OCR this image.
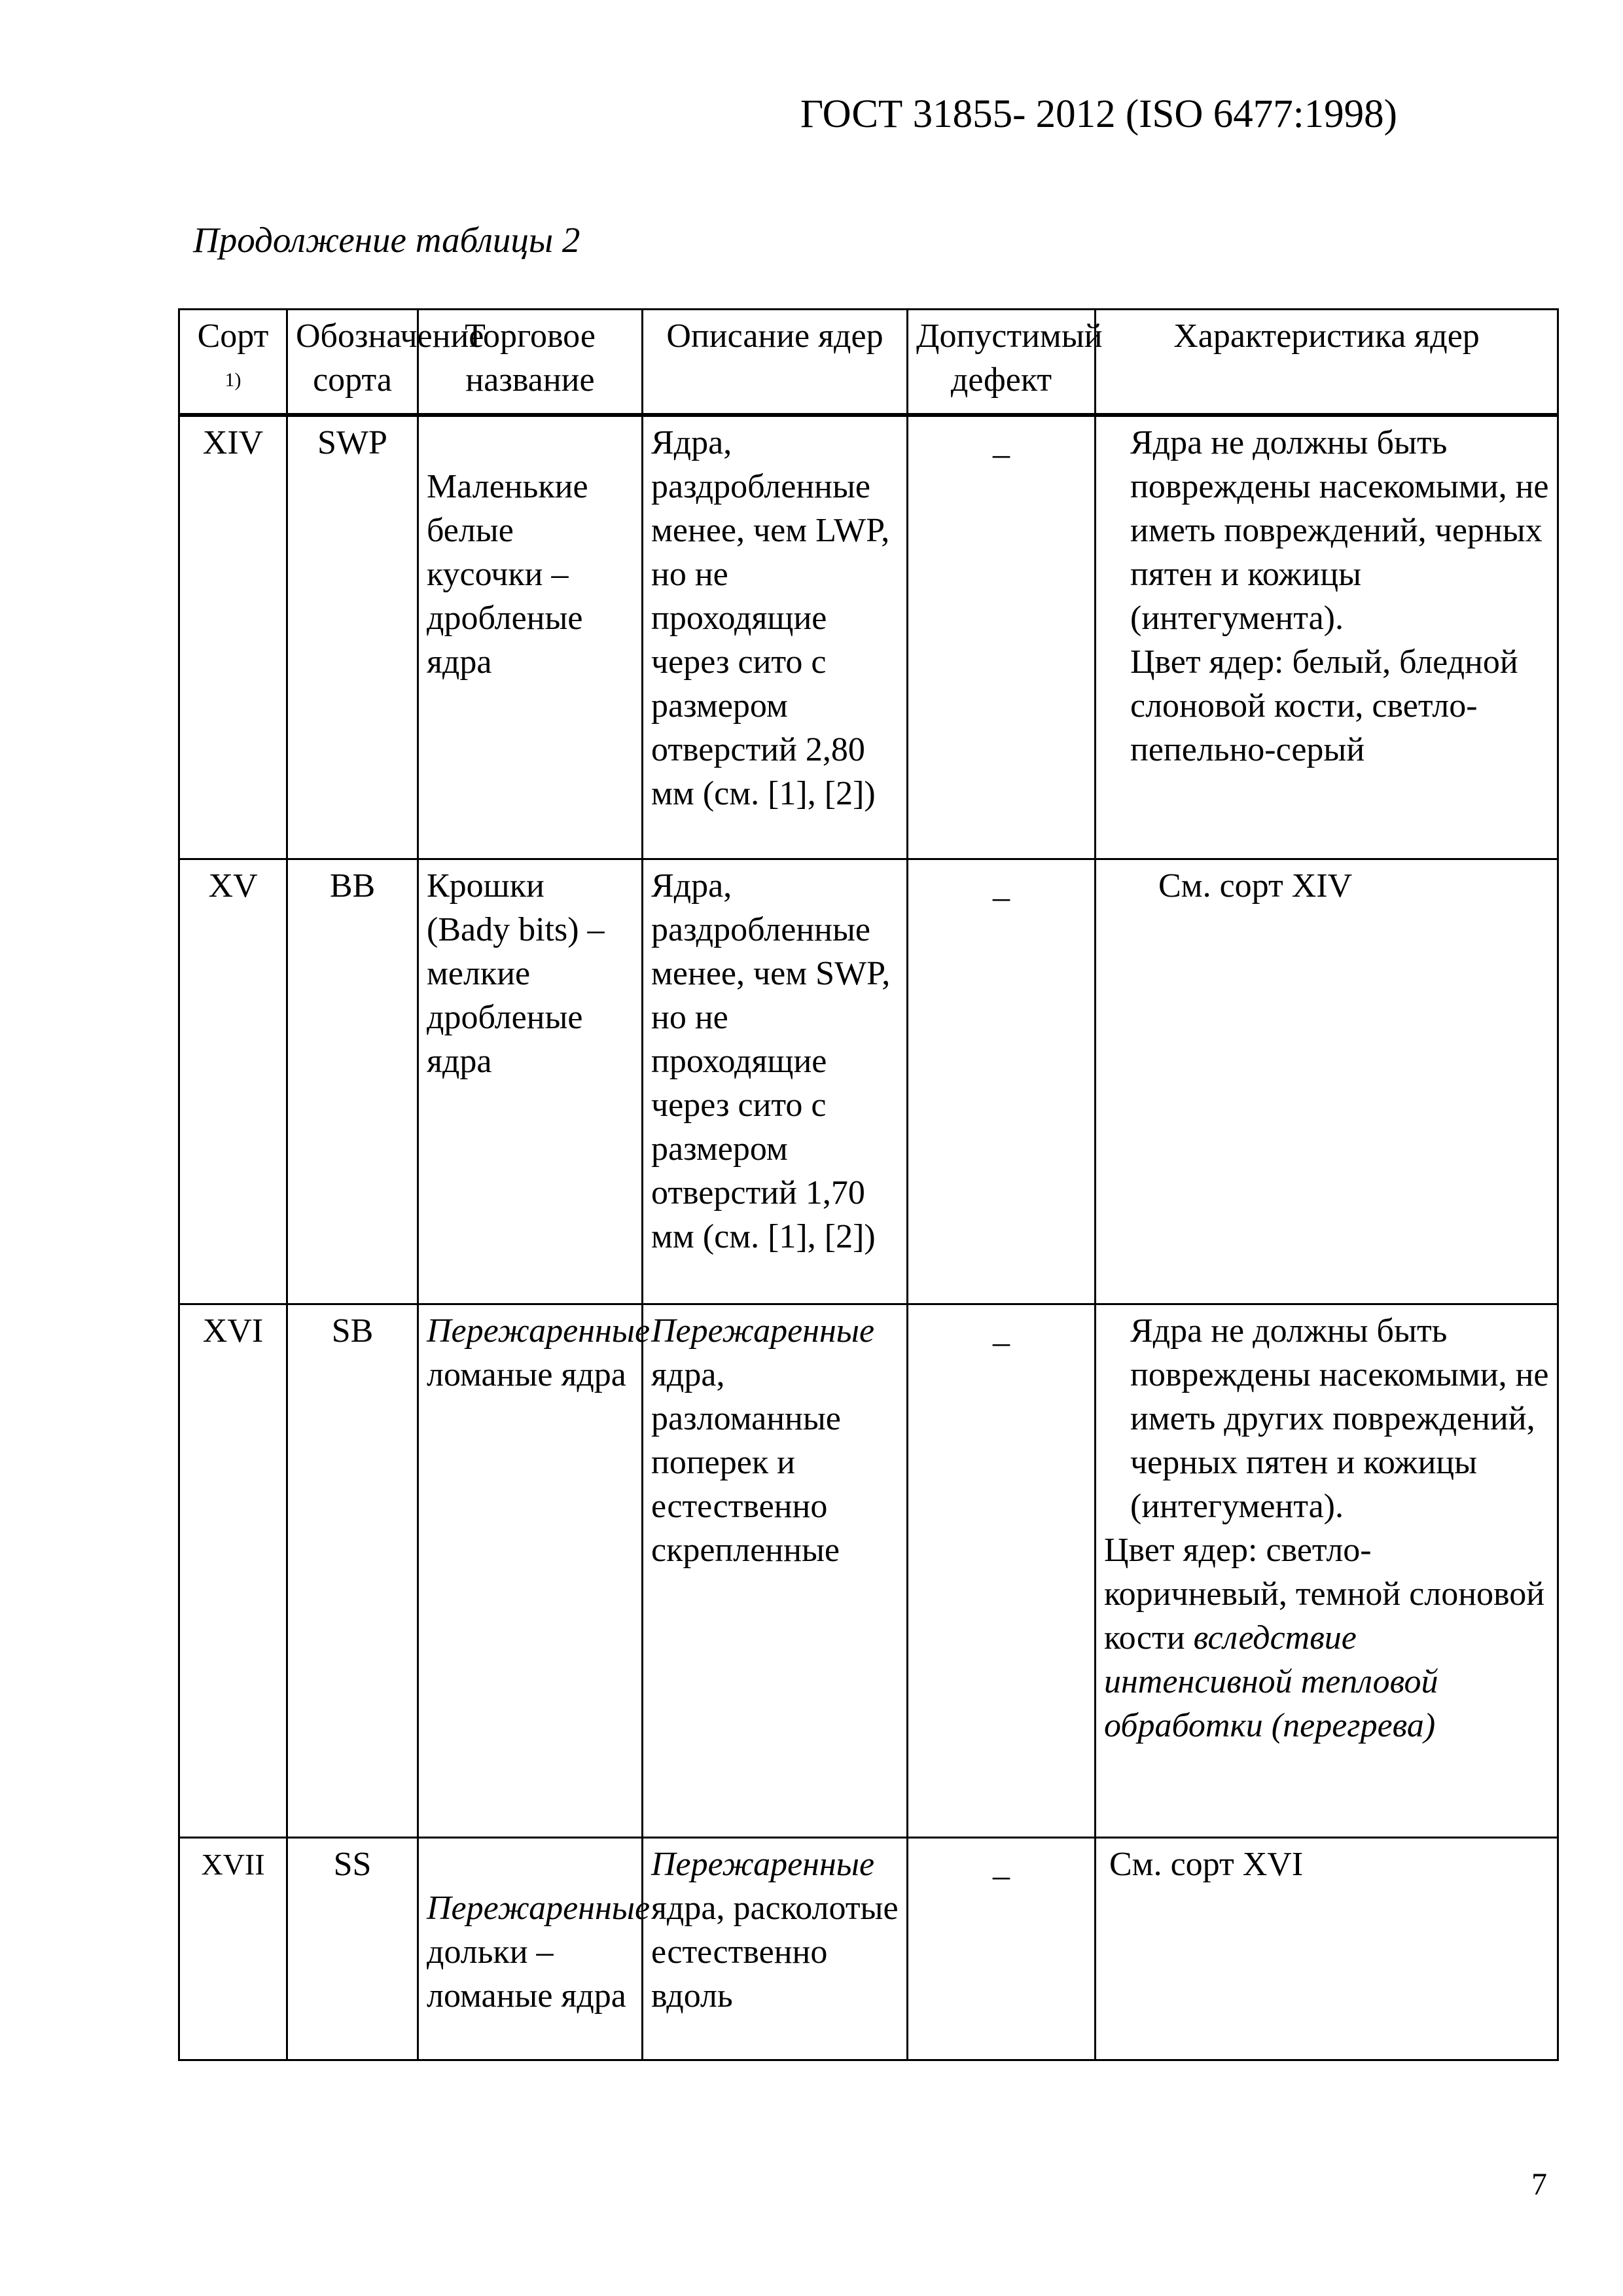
ГОСТ 31855- 2012 (ISO 6477:1998)
Продолжение таблицы 2
Сорт $^{1)}$	Обозначение сорта	Торговое название	Описание ядер	Допустимый дефект	Характеристика ядер
XIV	SWP	Маленькие белые кусочки – дробленые ядра	Ядра, раздробленные менее, чем LWP, но не проходящие через сито с размером отверстий 2,80 мм (см. [1], [2])	_	Ядра не должны быть повреждены насекомыми, не иметь повреждений, черных пятен и кожицы (интегумента).
Цвет ядер: белый, бледной слоновой кости, светло-пепельно-серый
XV	BB	Крошки (Bady bits) – мелкие дробленые ядра	Ядра, раздробленные менее, чем SWP, но не проходящие через сито с размером отверстий 1,70 мм (см. [1], [2])	_	См. сорт XIV
XVI	SB	Пережаренные ломаные ядра	Пережаренные ядра, разломанные поперек и естественно скрепленные	_	Ядра не должны быть повреждены насекомыми, не иметь других повреждений, черных пятен и кожицы (интегумента).
Цвет ядер: светло-коричневый, темной слоновой кости вследствие интенсивной тепловой обработки (перегрева)
XVII	SS	Пережаренные дольки – ломаные ядра	Пережаренные ядра, расколотые естественно вдоль	_	См. сорт XVI
7
